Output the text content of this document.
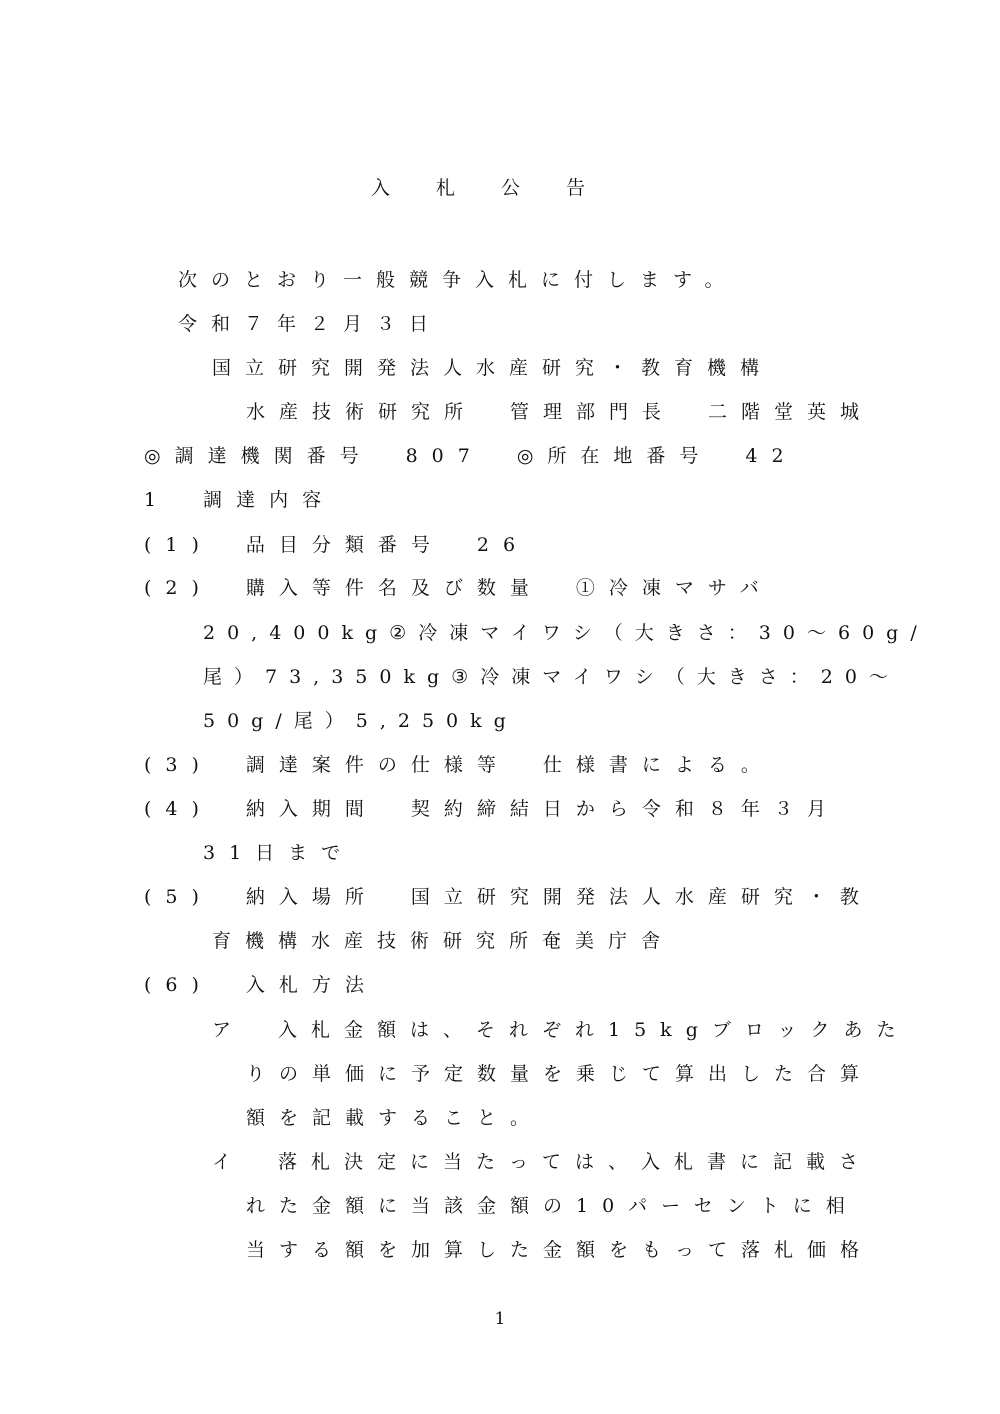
入札公告
次のとおり一般競争入札に付します。
令和７年２月３日
国立研究開発法人水産研究・教育機構
水産技術研究所　管理部門長　二階堂英城
◎調達機関番号　807　◎所在地番号　42
1　調達内容
(1)　品目分類番号　26
(2)　購入等件名及び数量　①冷凍マサバ
20,400kg②冷凍マイワシ（大きさ：30～60g/
尾）73,350kg③冷凍マイワシ（大きさ：20～
50g/尾）5,250kg
(3)　調達案件の仕様等　仕様書による。
(4)　納入期間　契約締結日から令和８年３月
31日まで
(5)　納入場所　国立研究開発法人水産研究・教
育機構水産技術研究所奄美庁舎
(6)　入札方法
ア　入札金額は、それぞれ15kgブロックあた
りの単価に予定数量を乗じて算出した合算
額を記載すること。
イ　落札決定に当たっては、入札書に記載さ
れた金額に当該金額の10パーセントに相
当する額を加算した金額をもって落札価格
1
